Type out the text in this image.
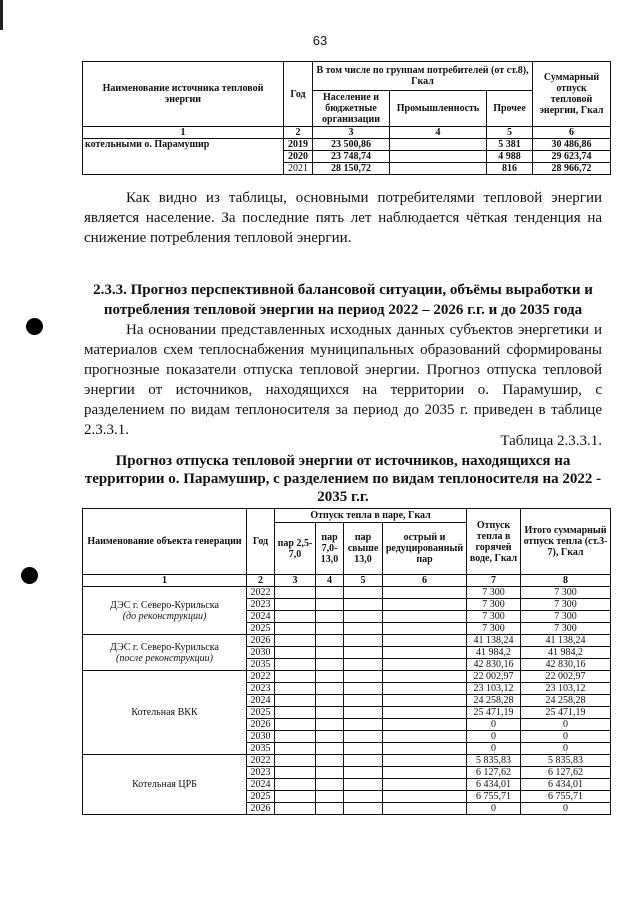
63
Наименование источника тепловой энергии	Год	В том числе по группам потребителей (от ст.8), Гкал			Суммарный отпуск тепловой энергии, Гкал
		Население и бюджетные организации	Промышленность	Прочее	
1	2	3	4	5	6
котельными о. Парамушир	2019	23 500,86		5 381	30 486,86
	2020	23 748,74		4 988	29 623,74
	2021	28 150,72		816	28 966,72

Как видно из таблицы, основными потребителями тепловой энергии является население. За последние пять лет наблюдается чёткая тенденция на снижение потребления тепловой энергии.

2.3.3. Прогноз перспективной балансовой ситуации, объёмы выработки и потребления тепловой энергии на период 2022 – 2026 г.г. и до 2035 года

На основании представленных исходных данных субъектов энергетики и материалов схем теплоснабжения муниципальных образований сформированы прогнозные показатели отпуска тепловой энергии. Прогноз отпуска тепловой энергии от источников, находящихся на территории о. Парамушир, с разделением по видам теплоносителя за период до 2035 г. приведен в таблице 2.3.3.1.

Таблица 2.3.3.1.
Прогноз отпуска тепловой энергии от источников, находящихся на территории о. Парамушир, с разделением по видам теплоносителя на 2022 - 2035 г.г.
Наименование объекта генерации	Год	Отпуск тепла в паре, Гкал				Отпуск тепла в горячей воде, Гкал	Итого суммарный отпуск тепла (ст.3-7), Гкал
		пар 2,5-7,0	пар 7,0-13,0	пар свыше 13,0	острый и редуцированный пар		
1	2	3	4	5	6	7	8
ДЭС г. Северо-Курильска
(до реконструкции)	2022					7 300	7 300
	2023					7 300	7 300
	2024					7 300	7 300
	2025					7 300	7 300
ДЭС г. Северо-Курильска
(после реконструкции)	2026					41 138,24	41 138,24
	2030					41 984,2	41 984,2
	2035					42 830,16	42 830,16
Котельная ВКК	2022					22 002,97	22 002,97
	2023					23 103,12	23 103,12
	2024					24 258,28	24 258,28
	2025					25 471,19	25 471,19
	2026					0	0
	2030					0	0
	2035					0	0
Котельная ЦРБ	2022					5 835,83	5 835,83
	2023					6 127,62	6 127,62
	2024					6 434,01	6 434,01
	2025					6 755,71	6 755,71
	2026					0	0
